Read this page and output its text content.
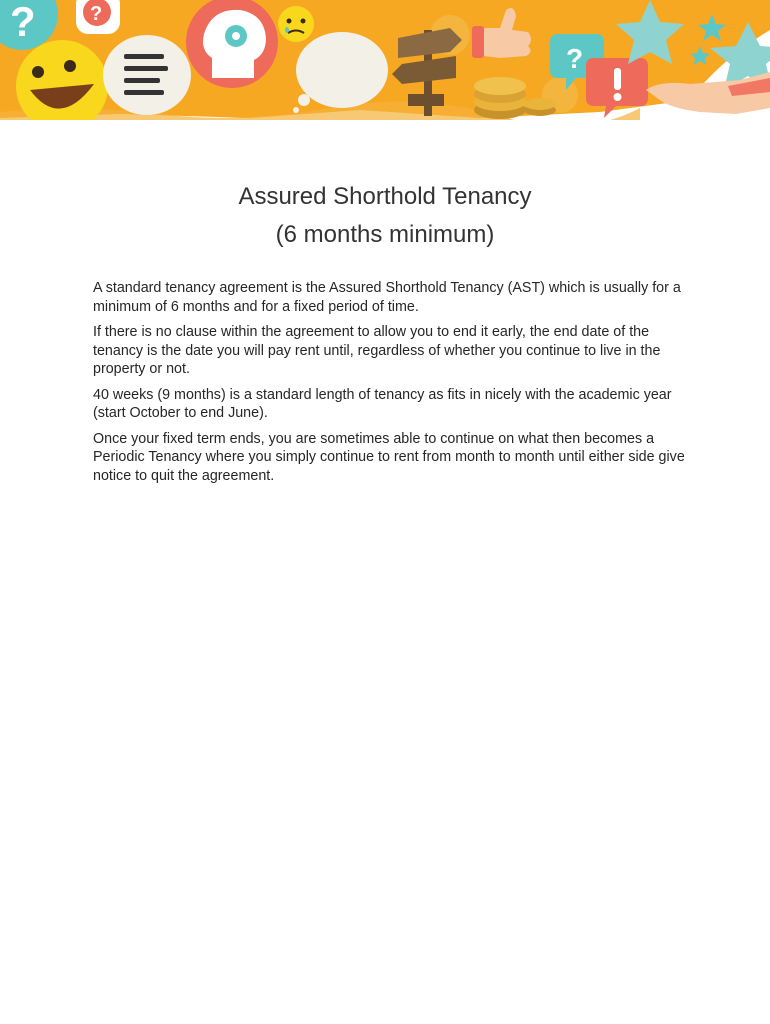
?	?
?
Assured Shorthold Tenancy
(6 months minimum)

A standard tenancy agreement is the Assured Shorthold Tenancy (AST) which is usually for a minimum of 6 months and for a fixed period of time.

If there is no clause within the agreement to allow you to end it early, the end date of the tenancy is the date you will pay rent until, regardless of whether you continue to live in the property or not.

40 weeks (9 months) is a standard length of tenancy as fits in nicely with the academic year (start October to end June).

Once your fixed term ends, you are sometimes able to continue on what then becomes a Periodic Tenancy where you simply continue to rent from month to month until either side give notice to quit the agreement.
